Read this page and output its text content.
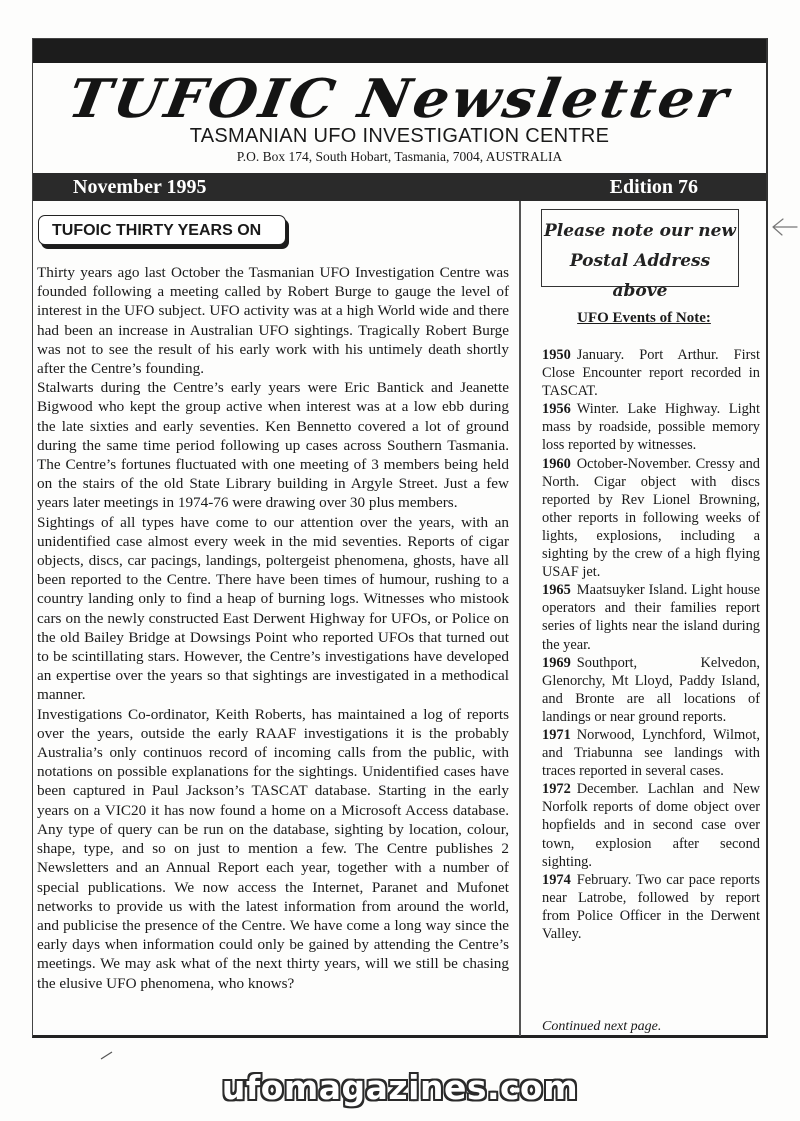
TUFOIC Newsletter
TASMANIAN UFO INVESTIGATION CENTRE
P.O. Box 174, South Hobart, Tasmania, 7004, AUSTRALIA
November 1995	Edition 76
TUFOIC THIRTY YEARS ON

Thirty years ago last October the Tasmanian UFO Investigation Centre was founded following a meeting called by Robert Burge to gauge the level of interest in the UFO subject. UFO activity was at a high World wide and there had been an increase in Australian UFO sightings. Tragically Robert Burge was not to see the result of his early work with his untimely death shortly after the Centre’s founding.

Stalwarts during the Centre’s early years were Eric Bantick and Jeanette Bigwood who kept the group active when interest was at a low ebb during the late sixties and early seventies. Ken Bennetto covered a lot of ground during the same time period following up cases across Southern Tasmania. The Centre’s fortunes fluctuated with one meeting of 3 members being held on the stairs of the old State Library building in Argyle Street. Just a few years later meetings in 1974-76 were drawing over 30 plus members.

Sightings of all types have come to our attention over the years, with an unidentified case almost every week in the mid seventies. Reports of cigar objects, discs, car pacings, landings, poltergeist phenomena, ghosts, have all been reported to the Centre. There have been times of humour, rushing to a country landing only to find a heap of burning logs. Witnesses who mistook cars on the newly constructed East Derwent Highway for UFOs, or Police on the old Bailey Bridge at Dowsings Point who reported UFOs that turned out to be scintillating stars. However, the Centre’s investigations have developed an expertise over the years so that sightings are investigated in a methodical manner.

Investigations Co-ordinator, Keith Roberts, has maintained a log of reports over the years, outside the early RAAF investigations it is the probably Australia’s only continuos record of incoming calls from the public, with notations on possible explanations for the sightings. Unidentified cases have been captured in Paul Jackson’s TASCAT database. Starting in the early years on a VIC20 it has now found a home on a Microsoft Access database. Any type of query can be run on the database, sighting by location, colour, shape, type, and so on just to mention a few. The Centre publishes 2 Newsletters and an Annual Report each year, together with a number of special publications. We now access the Internet, Paranet and Mufonet networks to provide us with the latest information from around the world, and publicise the presence of the Centre. We have come a long way since the early days when information could only be gained by attending the Centre’s meetings. We may ask what of the next thirty years, will we still be chasing the elusive UFO phenomena, who knows?

Please note our new
Postal Address above
UFO Events of Note:

1950 January. Port Arthur. First Close Encounter report recorded in TASCAT.

1956 Winter. Lake Highway. Light mass by roadside, possible memory loss reported by witnesses.

1960 October-November. Cressy and North. Cigar object with discs reported by Rev Lionel Browning, other reports in following weeks of lights, explosions, including a sighting by the crew of a high flying USAF jet.

1965 Maatsuyker Island. Light house operators and their families report series of lights near the island during the year.

1969 Southport, Kelvedon, Glenorchy, Mt Lloyd, Paddy Island, and Bronte are all locations of landings or near ground reports.

1971 Norwood, Lynchford, Wilmot, and Triabunna see landings with traces reported in several cases.

1972 December. Lachlan and New Norfolk reports of dome object over hopfields and in second case over town, explosion after second sighting.

1974 February. Two car pace reports near Latrobe, followed by report from Police Officer in the Derwent Valley.

Continued next page.
ufomagazines.com
